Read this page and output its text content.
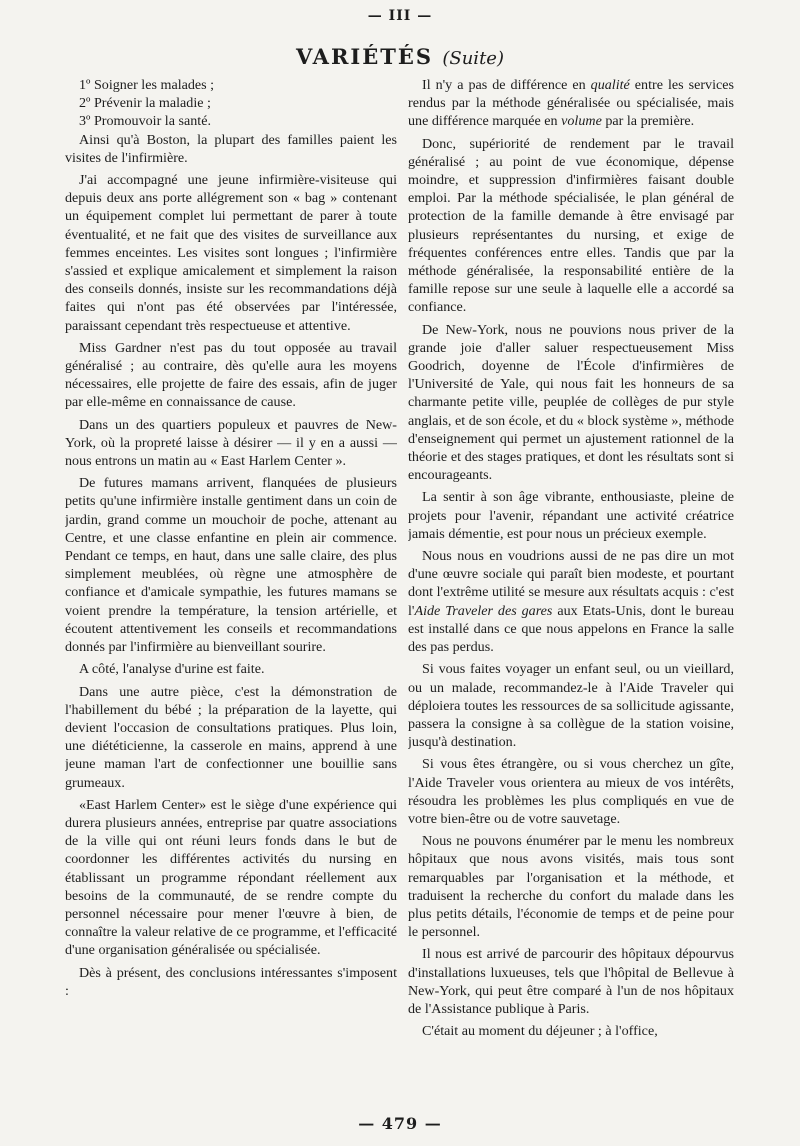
— III —
VARIÉTÉS (Suite)

1º Soigner les malades ;

2º Prévenir la maladie ;

3º Promouvoir la santé.

Ainsi qu'à Boston, la plupart des familles paient les visites de l'infirmière.

J'ai accompagné une jeune infirmière-visiteuse qui depuis deux ans porte allégrement son « bag » contenant un équipement complet lui permettant de parer à toute éventualité, et ne fait que des visites de surveillance aux femmes enceintes. Les visites sont longues ; l'infirmière s'assied et explique amicalement et simplement la raison des conseils donnés, insiste sur les recommandations déjà faites qui n'ont pas été observées par l'intéressée, paraissant cependant très respectueuse et attentive.

Miss Gardner n'est pas du tout opposée au travail généralisé ; au contraire, dès qu'elle aura les moyens nécessaires, elle projette de faire des essais, afin de juger par elle-même en connaissance de cause.

Dans un des quartiers populeux et pauvres de New-York, où la propreté laisse à désirer — il y en a aussi — nous entrons un matin au « East Harlem Center ».

De futures mamans arrivent, flanquées de plusieurs petits qu'une infirmière installe gentiment dans un coin de jardin, grand comme un mouchoir de poche, attenant au Centre, et une classe enfantine en plein air commence. Pendant ce temps, en haut, dans une salle claire, des plus simplement meublées, où règne une atmosphère de confiance et d'amicale sympathie, les futures mamans se voient prendre la température, la tension artérielle, et écoutent attentivement les conseils et recommandations donnés par l'infirmière au bienveillant sourire.

A côté, l'analyse d'urine est faite.

Dans une autre pièce, c'est la démonstration de l'habillement du bébé ; la préparation de la layette, qui devient l'occasion de consultations pratiques. Plus loin, une diététicienne, la casserole en mains, apprend à une jeune maman l'art de confectionner une bouillie sans grumeaux.

«East Harlem Center» est le siège d'une expérience qui durera plusieurs années, entreprise par quatre associations de la ville qui ont réuni leurs fonds dans le but de coordonner les différentes activités du nursing en établissant un programme répondant réellement aux besoins de la communauté, de se rendre compte du personnel nécessaire pour mener l'œuvre à bien, de connaître la valeur relative de ce programme, et l'efficacité d'une organisation généralisée ou spécialisée.

Dès à présent, des conclusions intéressantes s'imposent :

Il n'y a pas de différence en qualité entre les services rendus par la méthode généralisée ou spécialisée, mais une différence marquée en volume par la première.

Donc, supériorité de rendement par le travail généralisé ; au point de vue économique, dépense moindre, et suppression d'infirmières faisant double emploi. Par la méthode spécialisée, le plan général de protection de la famille demande à être envisagé par plusieurs représentantes du nursing, et exige de fréquentes conférences entre elles. Tandis que par la méthode généralisée, la responsabilité entière de la famille repose sur une seule à laquelle elle a accordé sa confiance.

De New-York, nous ne pouvions nous priver de la grande joie d'aller saluer respectueusement Miss Goodrich, doyenne de l'École d'infirmières de l'Université de Yale, qui nous fait les honneurs de sa charmante petite ville, peuplée de collèges de pur style anglais, et de son école, et du « block système », méthode d'enseignement qui permet un ajustement rationnel de la théorie et des stages pratiques, et dont les résultats sont si encourageants.

La sentir à son âge vibrante, enthousiaste, pleine de projets pour l'avenir, répandant une activité créatrice jamais démentie, est pour nous un précieux exemple.

Nous nous en voudrions aussi de ne pas dire un mot d'une œuvre sociale qui paraît bien modeste, et pourtant dont l'extrême utilité se mesure aux résultats acquis : c'est l'Aide Traveler des gares aux Etats-Unis, dont le bureau est installé dans ce que nous appelons en France la salle des pas perdus.

Si vous faites voyager un enfant seul, ou un vieillard, ou un malade, recommandez-le à l'Aide Traveler qui déploiera toutes les ressources de sa sollicitude agissante, passera la consigne à sa collègue de la station voisine, jusqu'à destination.

Si vous êtes étrangère, ou si vous cherchez un gîte, l'Aide Traveler vous orientera au mieux de vos intérêts, résoudra les problèmes les plus compliqués en vue de votre bien-être ou de votre sauvetage.

Nous ne pouvons énumérer par le menu les nombreux hôpitaux que nous avons visités, mais tous sont remarquables par l'organisation et la méthode, et traduisent la recherche du confort du malade dans les plus petits détails, l'économie de temps et de peine pour le personnel.

Il nous est arrivé de parcourir des hôpitaux dépourvus d'installations luxueuses, tels que l'hôpital de Bellevue à New-York, qui peut être comparé à l'un de nos hôpitaux de l'Assistance publique à Paris.

C'était au moment du déjeuner ; à l'office,

— 479 —
